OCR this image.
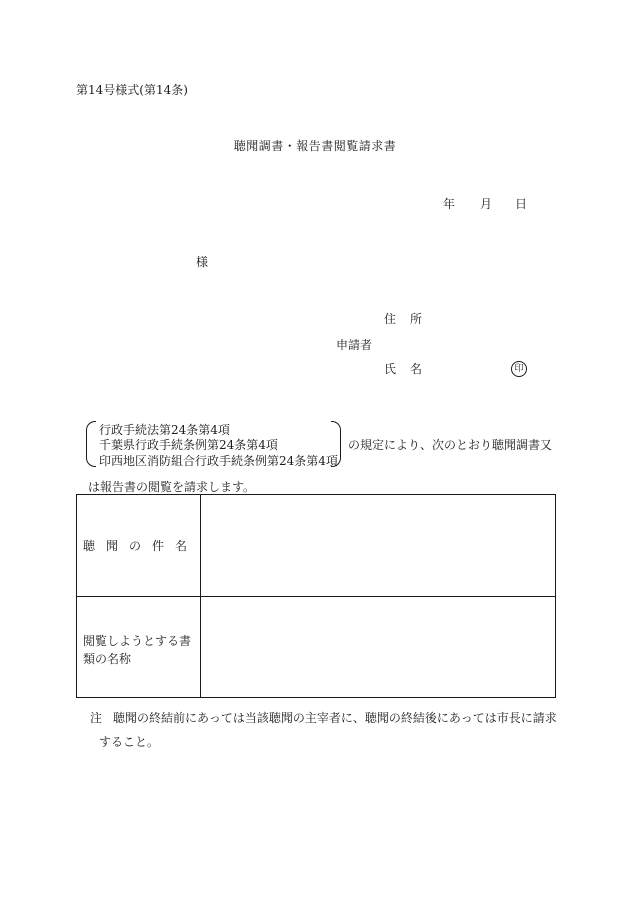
第14号様式(第14条)
聴聞調書・報告書閲覧請求書
年 月 日
様
住　所
申請者
氏　名	印
行政手続法第24条第4項
千葉県行政手続条例第24条第4項
印西地区消防組合行政手続条例第24条第4項
の規定により、次のとおり聴聞調書又
は報告書の閲覧を請求します。
聴聞の件名
閲覧しようとする書類の名称
注 聴聞の終結前にあっては当該聴聞の主宰者に、聴聞の終結後にあっては市長に請求
すること。
